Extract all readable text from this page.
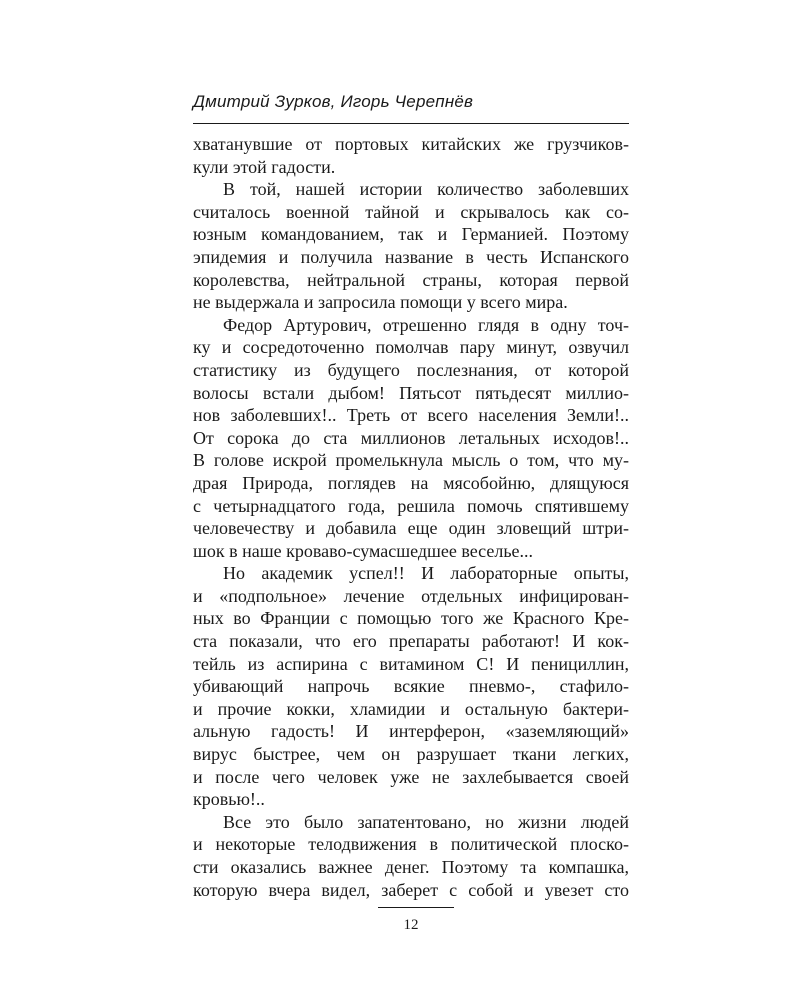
Дмитрий Зурков, Игорь Черепнёв
хватанувшие от портовых китайских же грузчиков-
кули этой гадости.
В той, нашей истории количество заболевших
считалось военной тайной и скрывалось как со-
юзным командованием, так и Германией. Поэтому
эпидемия и получила название в честь Испанского
королевства, нейтральной страны, которая первой
не выдержала и запросила помощи у всего мира.
Федор Артурович, отрешенно глядя в одну точ-
ку и сосредоточенно помолчав пару минут, озвучил
статистику из будущего послезнания, от которой
волосы встали дыбом! Пятьсот пятьдесят миллио-
нов заболевших!.. Треть от всего населения Земли!..
От сорока до ста миллионов летальных исходов!..
В голове искрой промелькнула мысль о том, что му-
драя Природа, поглядев на мясобойню, длящуюся
с четырнадцатого года, решила помочь спятившему
человечеству и добавила еще один зловещий штри-
шок в наше кроваво-сумасшедшее веселье...
Но академик успел!! И лабораторные опыты,
и «подпольное» лечение отдельных инфицирован-
ных во Франции с помощью того же Красного Кре-
ста показали, что его препараты работают! И кок-
тейль из аспирина с витамином С! И пенициллин,
убивающий напрочь всякие пневмо-, стафило-
и прочие кокки, хламидии и остальную бактери-
альную гадость! И интерферон, «заземляющий»
вирус быстрее, чем он разрушает ткани легких,
и после чего человек уже не захлебывается своей
кровью!..
Все это было запатентовано, но жизни людей
и некоторые телодвижения в политической плоско-
сти оказались важнее денег. Поэтому та компашка,
которую вчера видел, заберет с собой и увезет сто
12
